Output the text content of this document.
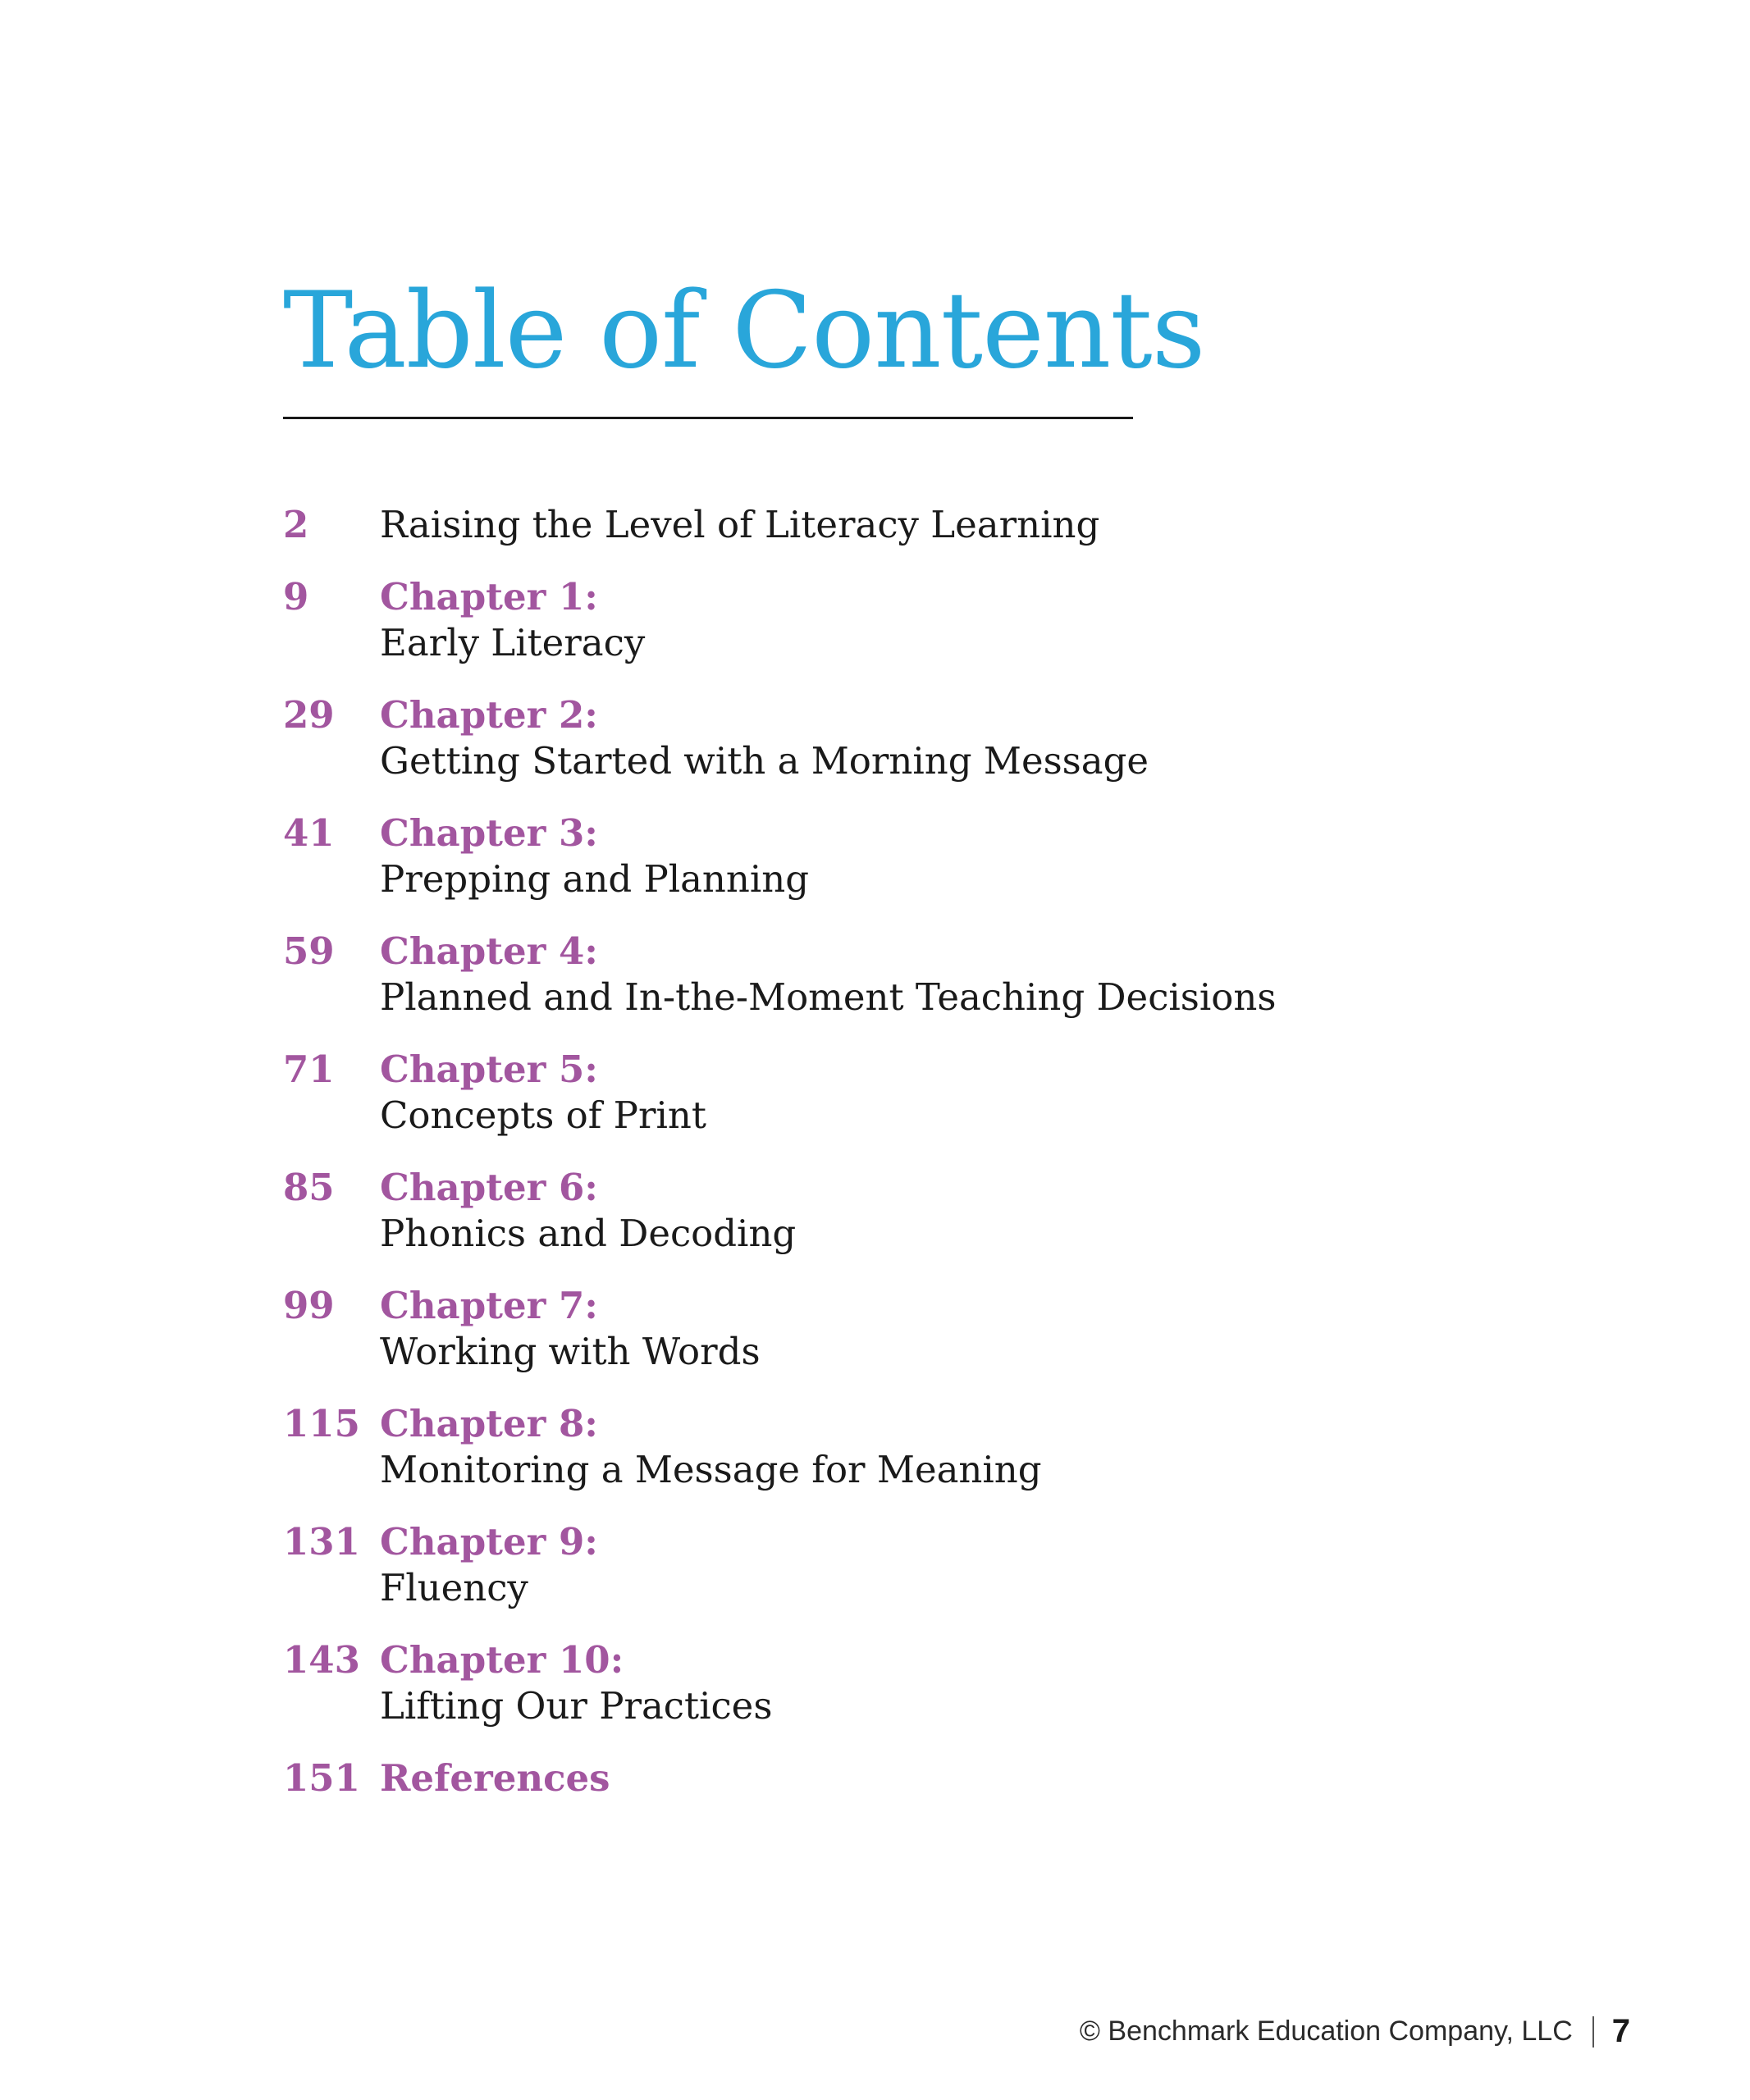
Table of Contents
2	Raising the Level of Literacy Learning
9	Chapter 1:
Early Literacy
29	Chapter 2:
Getting Started with a Morning Message
41	Chapter 3:
Prepping and Planning
59	Chapter 4:
Planned and In-the-Moment Teaching Decisions
71	Chapter 5:
Concepts of Print
85	Chapter 6:
Phonics and Decoding
99	Chapter 7:
Working with Words
115 Chapter 8:
Monitoring a Message for Meaning
131 Chapter 9:
Fluency
143 Chapter 10:
Lifting Our Practices
151 References
© Benchmark Education Company, LLC 7
